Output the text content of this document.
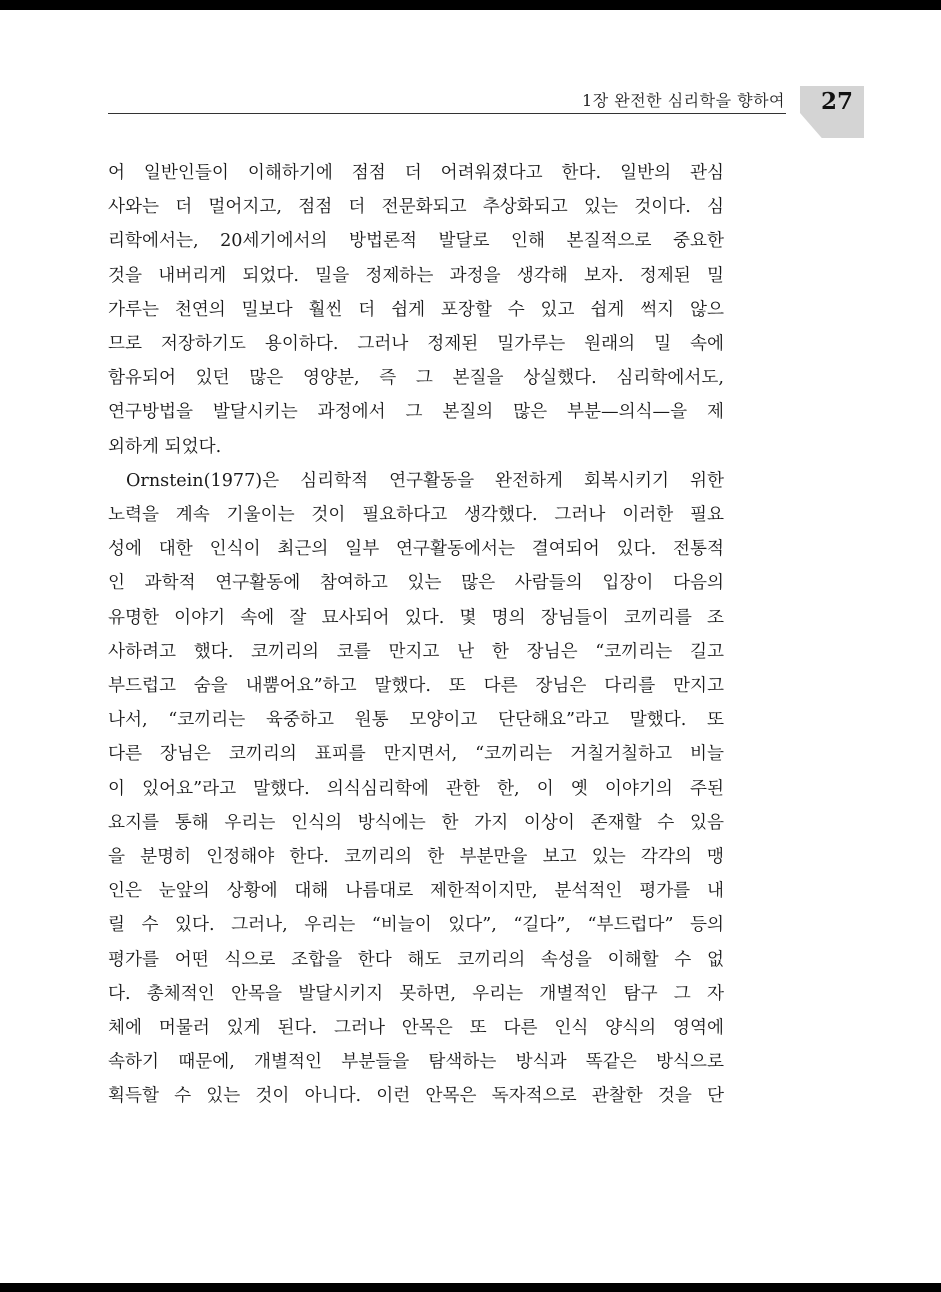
1장 완전한 심리학을 향하여 27
어 일반인들이 이해하기에 점점 더 어려워졌다고 한다. 일반의 관심
사와는 더 멀어지고, 점점 더 전문화되고 추상화되고 있는 것이다. 심
리학에서는, 20세기에서의 방법론적 발달로 인해 본질적으로 중요한
것을 내버리게 되었다. 밀을 정제하는 과정을 생각해 보자. 정제된 밀
가루는 천연의 밀보다 훨씬 더 쉽게 포장할 수 있고 쉽게 썩지 않으
므로 저장하기도 용이하다. 그러나 정제된 밀가루는 원래의 밀 속에
함유되어 있던 많은 영양분, 즉 그 본질을 상실했다. 심리학에서도,
연구방법을 발달시키는 과정에서 그 본질의 많은 부분—의식—을 제
외하게 되었다.
Ornstein(1977)은 심리학적 연구활동을 완전하게 회복시키기 위한
노력을 계속 기울이는 것이 필요하다고 생각했다. 그러나 이러한 필요
성에 대한 인식이 최근의 일부 연구활동에서는 결여되어 있다. 전통적
인 과학적 연구활동에 참여하고 있는 많은 사람들의 입장이 다음의
유명한 이야기 속에 잘 묘사되어 있다. 몇 명의 장님들이 코끼리를 조
사하려고 했다. 코끼리의 코를 만지고 난 한 장님은 “코끼리는 길고
부드럽고 숨을 내뿜어요”하고 말했다. 또 다른 장님은 다리를 만지고
나서, “코끼리는 육중하고 원통 모양이고 단단해요”라고 말했다. 또
다른 장님은 코끼리의 표피를 만지면서, “코끼리는 거칠거칠하고 비늘
이 있어요”라고 말했다. 의식심리학에 관한 한, 이 옛 이야기의 주된
요지를 통해 우리는 인식의 방식에는 한 가지 이상이 존재할 수 있음
을 분명히 인정해야 한다. 코끼리의 한 부분만을 보고 있는 각각의 맹
인은 눈앞의 상황에 대해 나름대로 제한적이지만, 분석적인 평가를 내
릴 수 있다. 그러나, 우리는 “비늘이 있다”, “길다”, “부드럽다” 등의
평가를 어떤 식으로 조합을 한다 해도 코끼리의 속성을 이해할 수 없
다. 총체적인 안목을 발달시키지 못하면, 우리는 개별적인 탐구 그 자
체에 머물러 있게 된다. 그러나 안목은 또 다른 인식 양식의 영역에
속하기 때문에, 개별적인 부분들을 탐색하는 방식과 똑같은 방식으로
획득할 수 있는 것이 아니다. 이런 안목은 독자적으로 관찰한 것을 단
